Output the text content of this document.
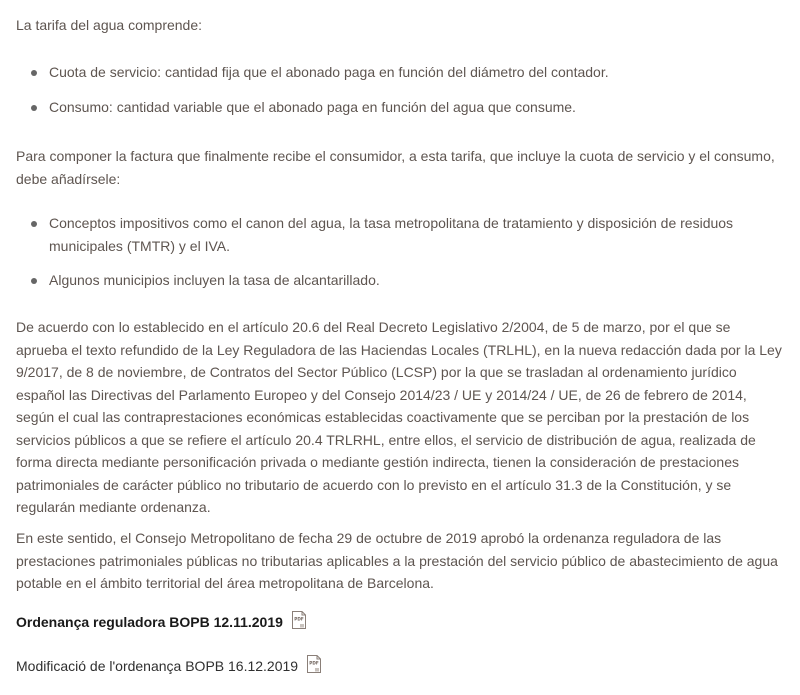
La tarifa del agua comprende:

Cuota de servicio: cantidad fija que el abonado paga en función del diámetro del contador.
Consumo: cantidad variable que el abonado paga en función del agua que consume.

Para componer la factura que finalmente recibe el consumidor, a esta tarifa, que incluye la cuota de servicio y el consumo, debe añadírsele:

Conceptos impositivos como el canon del agua, la tasa metropolitana de tratamiento y disposición de residuos municipales (TMTR) y el IVA.
Algunos municipios incluyen la tasa de alcantarillado.

De acuerdo con lo establecido en el artículo 20.6 del Real Decreto Legislativo 2/2004, de 5 de marzo, por el que se aprueba el texto refundido de la Ley Reguladora de las Haciendas Locales (TRLHL), en la nueva redacción dada por la Ley 9/2017, de 8 de noviembre, de Contratos del Sector Público (LCSP) por la que se trasladan al ordenamiento jurídico español las Directivas del Parlamento Europeo y del Consejo 2014/23 / UE y 2014/24 / UE, de 26 de febrero de 2014, según el cual las contraprestaciones económicas establecidas coactivamente que se perciban por la prestación de los servicios públicos a que se refiere el artículo 20.4 TRLRHL, entre ellos, el servicio de distribución de agua, realizada de forma directa mediante personificación privada o mediante gestión indirecta, tienen la consideración de prestaciones patrimoniales de carácter público no tributario de acuerdo con lo previsto en el artículo 31.3 de la Constitución, y se regularán mediante ordenanza.

En este sentido, el Consejo Metropolitano de fecha 29 de octubre de 2019 aprobó la ordenanza reguladora de las prestaciones patrimoniales públicas no tributarias aplicables a la prestación del servicio público de abastecimiento de agua potable en el ámbito territorial del área metropolitana de Barcelona.

Ordenança reguladora BOPB 12.11.2019	PDF
Modificació de l'ordenança BOPB 16.12.2019	PDF
